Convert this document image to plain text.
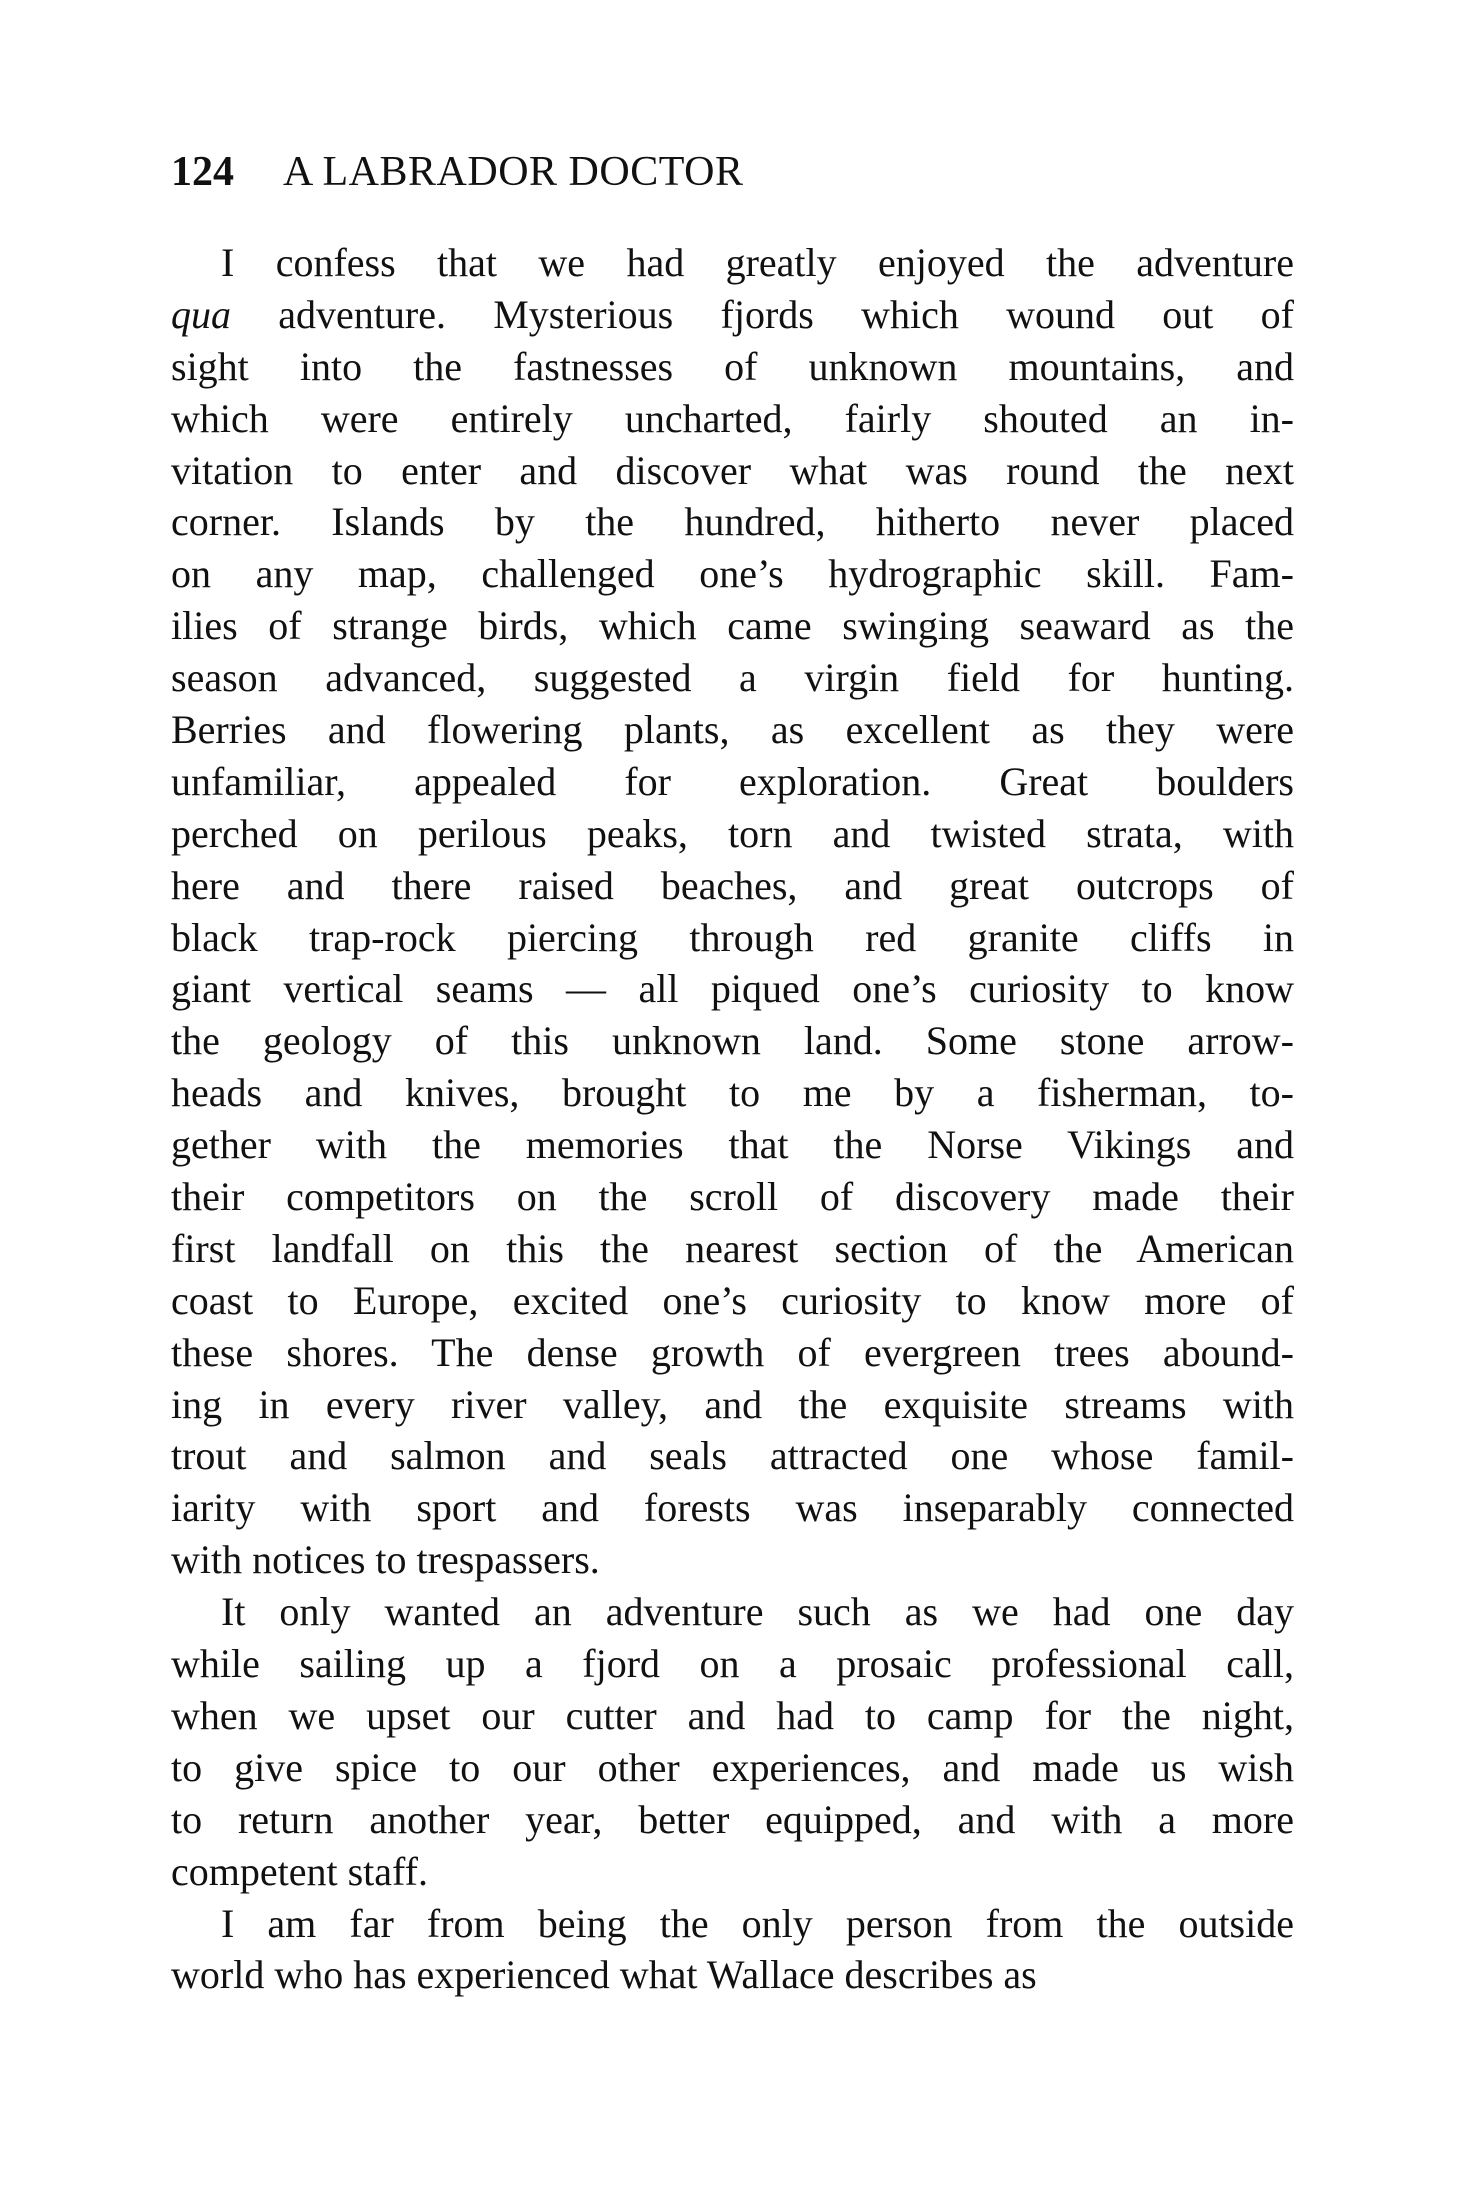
124 A LABRADOR DOCTOR
I confess that we had greatly enjoyed the adventure
qua adventure. Mysterious fjords which wound out of
sight into the fastnesses of unknown mountains, and
which were entirely uncharted, fairly shouted an in-
vitation to enter and discover what was round the next
corner. Islands by the hundred, hitherto never placed
on any map, challenged one’s hydrographic skill. Fam-
ilies of strange birds, which came swinging seaward as the
season advanced, suggested a virgin field for hunting.
Berries and flowering plants, as excellent as they were
unfamiliar, appealed for exploration. Great boulders
perched on perilous peaks, torn and twisted strata, with
here and there raised beaches, and great outcrops of
black trap-rock piercing through red granite cliffs in
giant vertical seams — all piqued one’s curiosity to know
the geology of this unknown land. Some stone arrow-
heads and knives, brought to me by a fisherman, to-
gether with the memories that the Norse Vikings and
their competitors on the scroll of discovery made their
first landfall on this the nearest section of the American
coast to Europe, excited one’s curiosity to know more of
these shores. The dense growth of evergreen trees abound-
ing in every river valley, and the exquisite streams with
trout and salmon and seals attracted one whose famil-
iarity with sport and forests was inseparably connected
with notices to trespassers.
It only wanted an adventure such as we had one day
while sailing up a fjord on a prosaic professional call,
when we upset our cutter and had to camp for the night,
to give spice to our other experiences, and made us wish
to return another year, better equipped, and with a more
competent staff.
I am far from being the only person from the outside
world who has experienced what Wallace describes as
